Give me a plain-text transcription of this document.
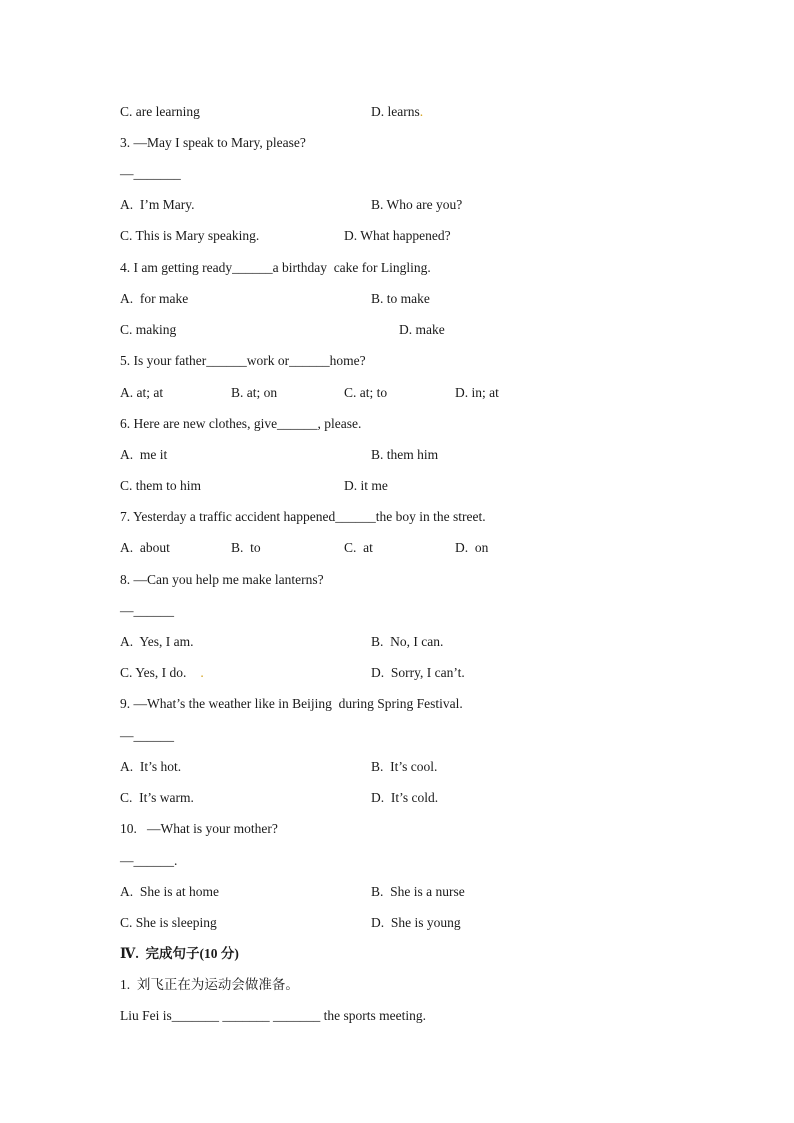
C. are learning	D. learns.
3. —May I speak to Mary, please?
—_______
A.  I’m Mary.	B. Who are you?
C. This is Mary speaking.	D. What happened?
4. I am getting ready______a birthday  cake for Lingling.
A.  for make	B. to make
C. making	D. make
5. Is your father______work or______home?
A. at; at	B. at; on	C. at; to	D. in; at
6. Here are new clothes, give______, please.
A.  me it	B. them him
C. them to him	D. it me
7. Yesterday a traffic accident happened______the boy in the street.
A.  about	B.  to	C.  at	D.  on
8. —Can you help me make lanterns?
—______
A.  Yes, I am.	B.  No, I can.
C. Yes, I do. .	D.  Sorry, I can’t.
9. —What’s the weather like in Beijing  during Spring Festival.
—______
A.  It’s hot.	B.  It’s cool.
C.  It’s warm.	D.  It’s cold.
10.   —What is your mother?
—______.
A.  She is at home	B.  She is a nurse
C. She is sleeping	D.  She is young
Ⅳ.  完成句子(10 分)
1.  刘飞正在为运动会做准备。
Liu Fei is_______ _______ _______ the sports meeting.
